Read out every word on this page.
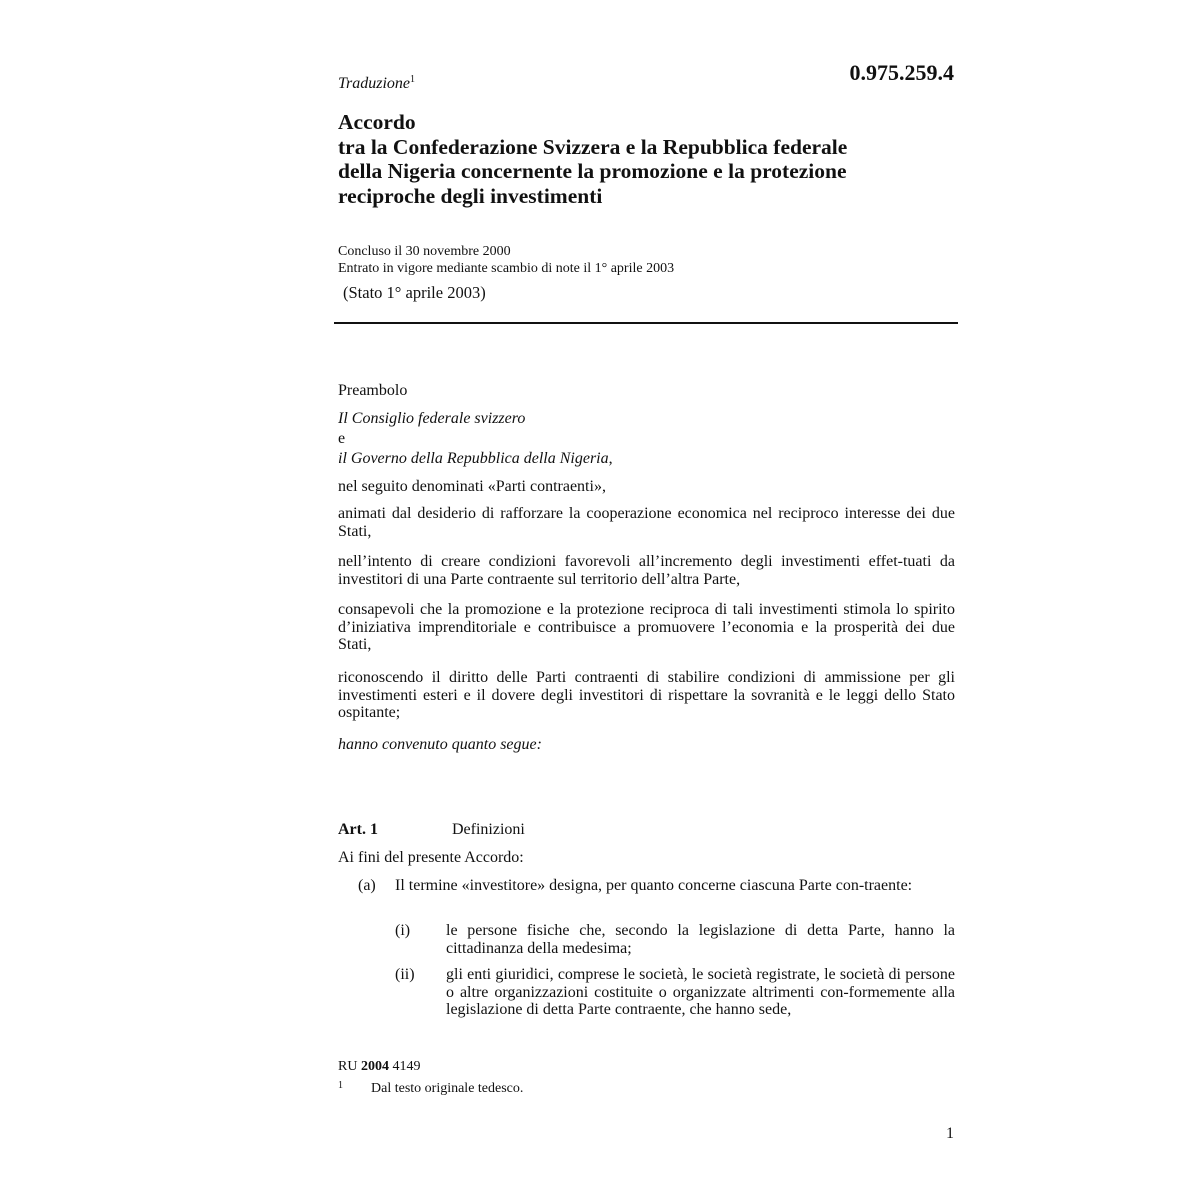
Traduzione$^1$	0.975.259.4
Accordo
tra la Confederazione Svizzera e la Repubblica federale
della Nigeria concernente la promozione e la protezione
reciproche degli investimenti
Concluso il 30 novembre 2000
Entrato in vigore mediante scambio di note il 1° aprile 2003
(Stato 1° aprile 2003)
Preambolo
Il Consiglio federale svizzero
e
il Governo della Repubblica della Nigeria,
nel seguito denominati «Parti contraenti»,
animati dal desiderio di rafforzare la cooperazione economica nel reciproco interesse dei due Stati,
nell’intento di creare condizioni favorevoli all’incremento degli investimenti effet-tuati da investitori di una Parte contraente sul territorio dell’altra Parte,
consapevoli che la promozione e la protezione reciproca di tali investimenti stimola lo spirito d’iniziativa imprenditoriale e contribuisce a promuovere l’economia e la prosperità dei due Stati,
riconoscendo il diritto delle Parti contraenti di stabilire condizioni di ammissione per gli investimenti esteri e il dovere degli investitori di rispettare la sovranità e le leggi dello Stato ospitante;
hanno convenuto quanto segue:
Art. 1	Definizioni
Ai fini del presente Accordo:
(a) Il termine «investitore» designa, per quanto concerne ciascuna Parte con-traente:
(i) le persone fisiche che, secondo la legislazione di detta Parte, hanno la cittadinanza della medesima;
(ii) gli enti giuridici, comprese le società, le società registrate, le società di persone o altre organizzazioni costituite o organizzate altrimenti con-formemente alla legislazione di detta Parte contraente, che hanno sede,
RU 2004 4149
1 Dal testo originale tedesco.
1
